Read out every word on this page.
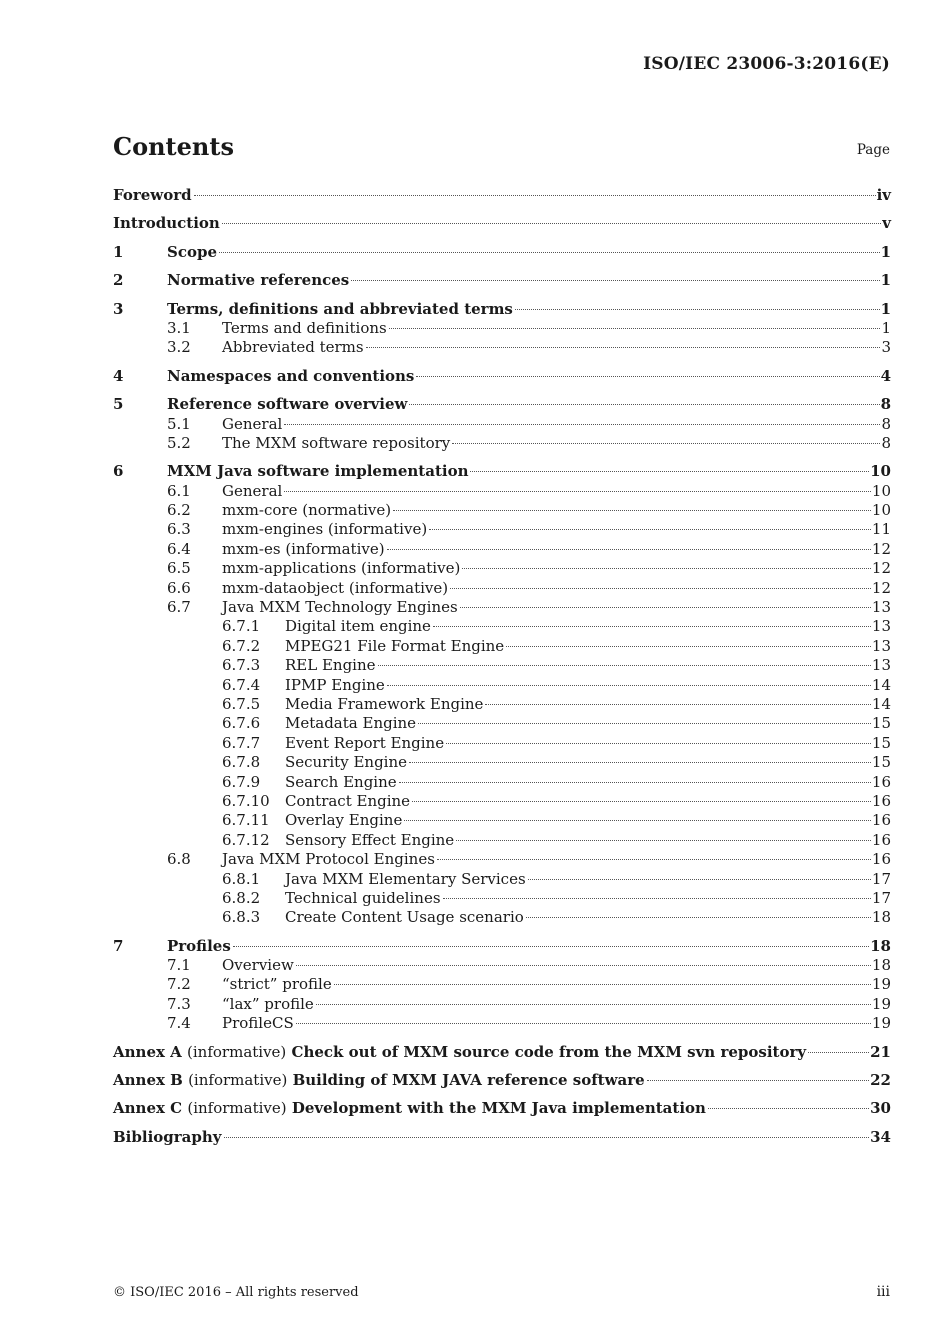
ISO/IEC 23006-3:2016(E)
Contents	Page
Foreword	iv
Introduction	v
1	Scope	1
2	Normative references	1
3	Terms, definitions and abbreviated terms	1
3.1	Terms and definitions	1
3.2	Abbreviated terms	3
4	Namespaces and conventions	4
5	Reference software overview	8
5.1	General	8
5.2	The MXM software repository	8
6	MXM Java software implementation	10
6.1	General	10
6.2	mxm-core (normative)	10
6.3	mxm-engines (informative)	11
6.4	mxm-es (informative)	12
6.5	mxm-applications (informative)	12
6.6	mxm-dataobject (informative)	12
6.7	Java MXM Technology Engines	13
6.7.1	Digital item engine	13
6.7.2	MPEG21 File Format Engine	13
6.7.3	REL Engine	13
6.7.4	IPMP Engine	14
6.7.5	Media Framework Engine	14
6.7.6	Metadata Engine	15
6.7.7	Event Report Engine	15
6.7.8	Security Engine	15
6.7.9	Search Engine	16
6.7.10	Contract Engine	16
6.7.11	Overlay Engine	16
6.7.12	Sensory Effect Engine	16
6.8	Java MXM Protocol Engines	16
6.8.1	Java MXM Elementary Services	17
6.8.2	Technical guidelines	17
6.8.3	Create Content Usage scenario	18
7	Profiles	18
7.1	Overview	18
7.2	“strict” profile	19
7.3	“lax” profile	19
7.4	ProfileCS	19
Annex A (informative) Check out of MXM source code from the MXM svn repository	21
Annex B (informative) Building of MXM JAVA reference software	22
Annex C (informative) Development with the MXM Java implementation	30
Bibliography	34
© ISO/IEC 2016 – All rights reserved	iii
